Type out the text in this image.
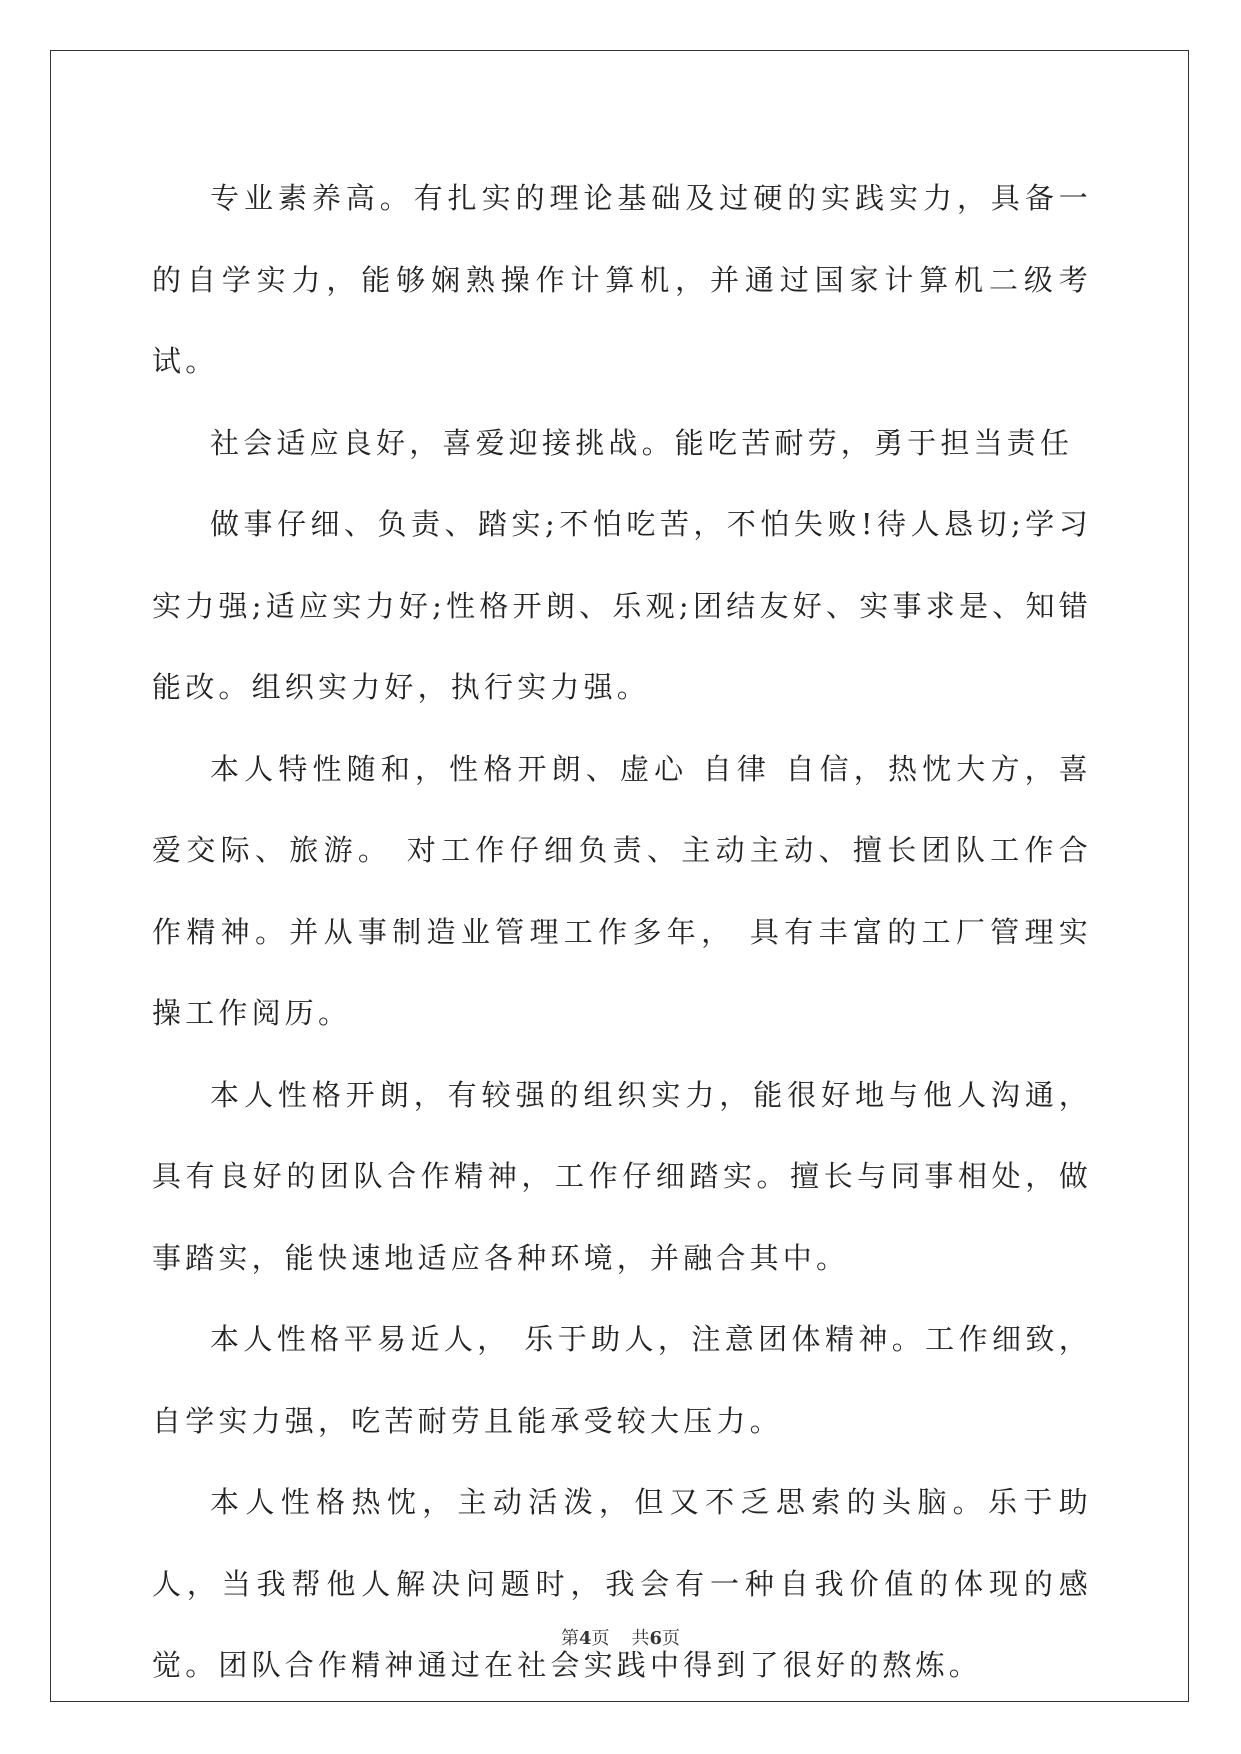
专业素养高。有扎实的理论基础及过硬的实践实力，具备一的自学实力，能够娴熟操作计算机，并通过国家计算机二级考试。

社会适应良好，喜爱迎接挑战。能吃苦耐劳，勇于担当责任

做事仔细、负责、踏实;不怕吃苦，不怕失败!待人恳切;学习实力强;适应实力好;性格开朗、乐观;团结友好、实事求是、知错能改。组织实力好，执行实力强。

本人特性随和，性格开朗、虚心 自律 自信，热忱大方，喜爱交际、旅游。 对工作仔细负责、主动主动、擅长团队工作合作精神。并从事制造业管理工作多年， 具有丰富的工厂管理实操工作阅历。

本人性格开朗，有较强的组织实力，能很好地与他人沟通，具有良好的团队合作精神，工作仔细踏实。擅长与同事相处，做事踏实，能快速地适应各种环境，并融合其中。

本人性格平易近人， 乐于助人，注意团体精神。工作细致，自学实力强，吃苦耐劳且能承受较大压力。

本人性格热忱，主动活泼，但又不乏思索的头脑。乐于助人，当我帮他人解决问题时，我会有一种自我价值的体现的感觉。团队合作精神通过在社会实践中得到了很好的熬炼。

第4页 共6页
